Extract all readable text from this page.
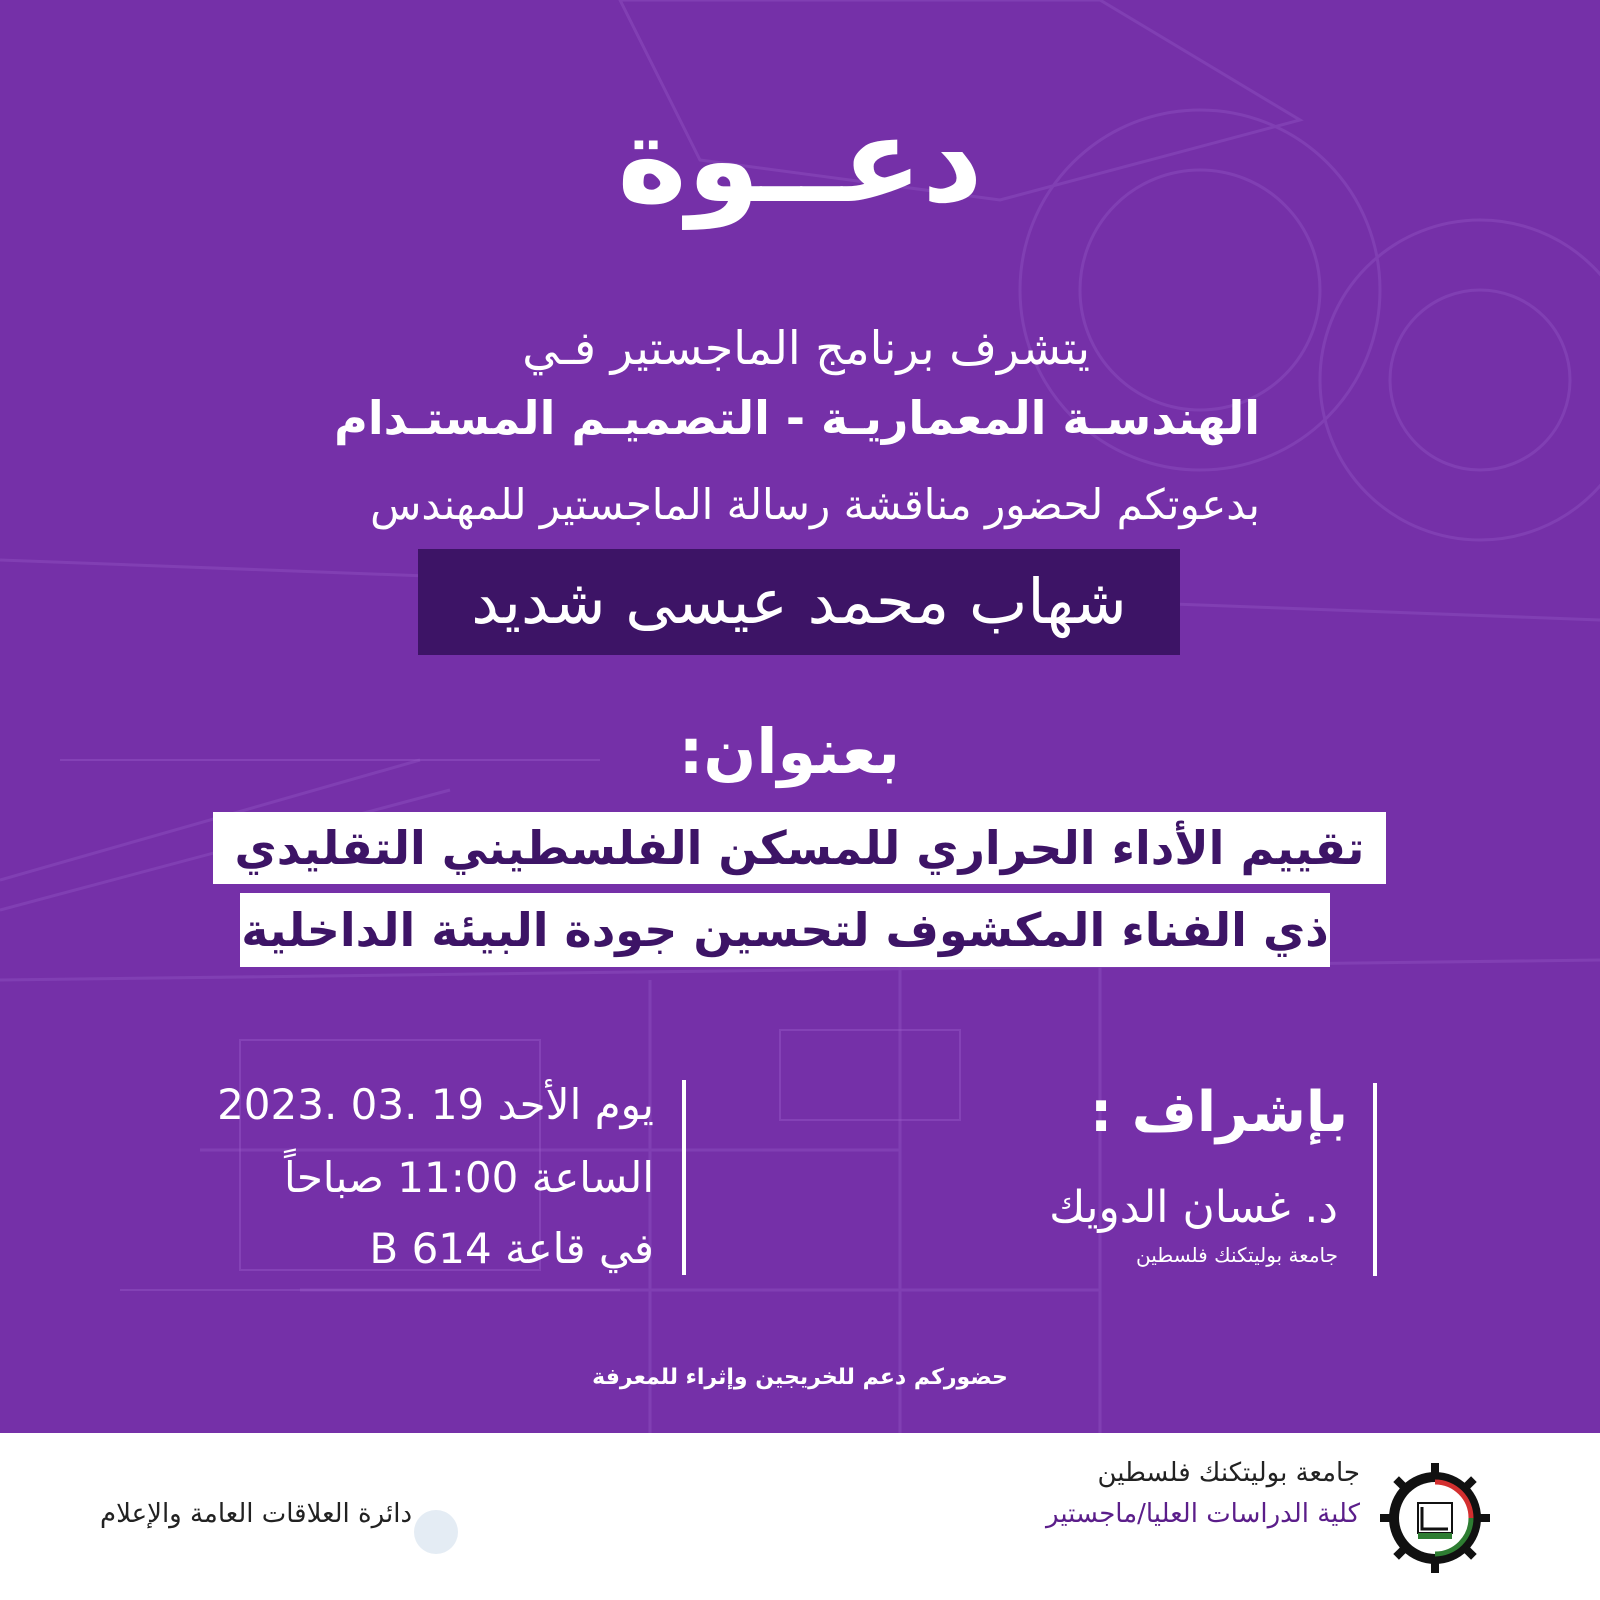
دعــوة
يتشرف برنامج الماجستير فـي
الهندسـة المعماريـة - التصميـم المستـدام
بدعوتكم لحضور مناقشة رسالة الماجستير للمهندس
شهاب محمد عيسى شديد
بعنوان:
تقييم الأداء الحراري للمسكن الفلسطيني التقليدي
ذي الفناء المكشوف لتحسين جودة البيئة الداخلية
يوم الأحد 19 .03 .2023
الساعة 11:00 صباحاً
في قاعة B 614
بإشراف :
د. غسان الدويك
جامعة بوليتكنك فلسطين
حضوركم دعم للخريجين وإثراء للمعرفة
جامعة بوليتكنك فلسطين
كلية الدراسات العليا/ماجستير
دائرة العلاقات العامة والإعلام
